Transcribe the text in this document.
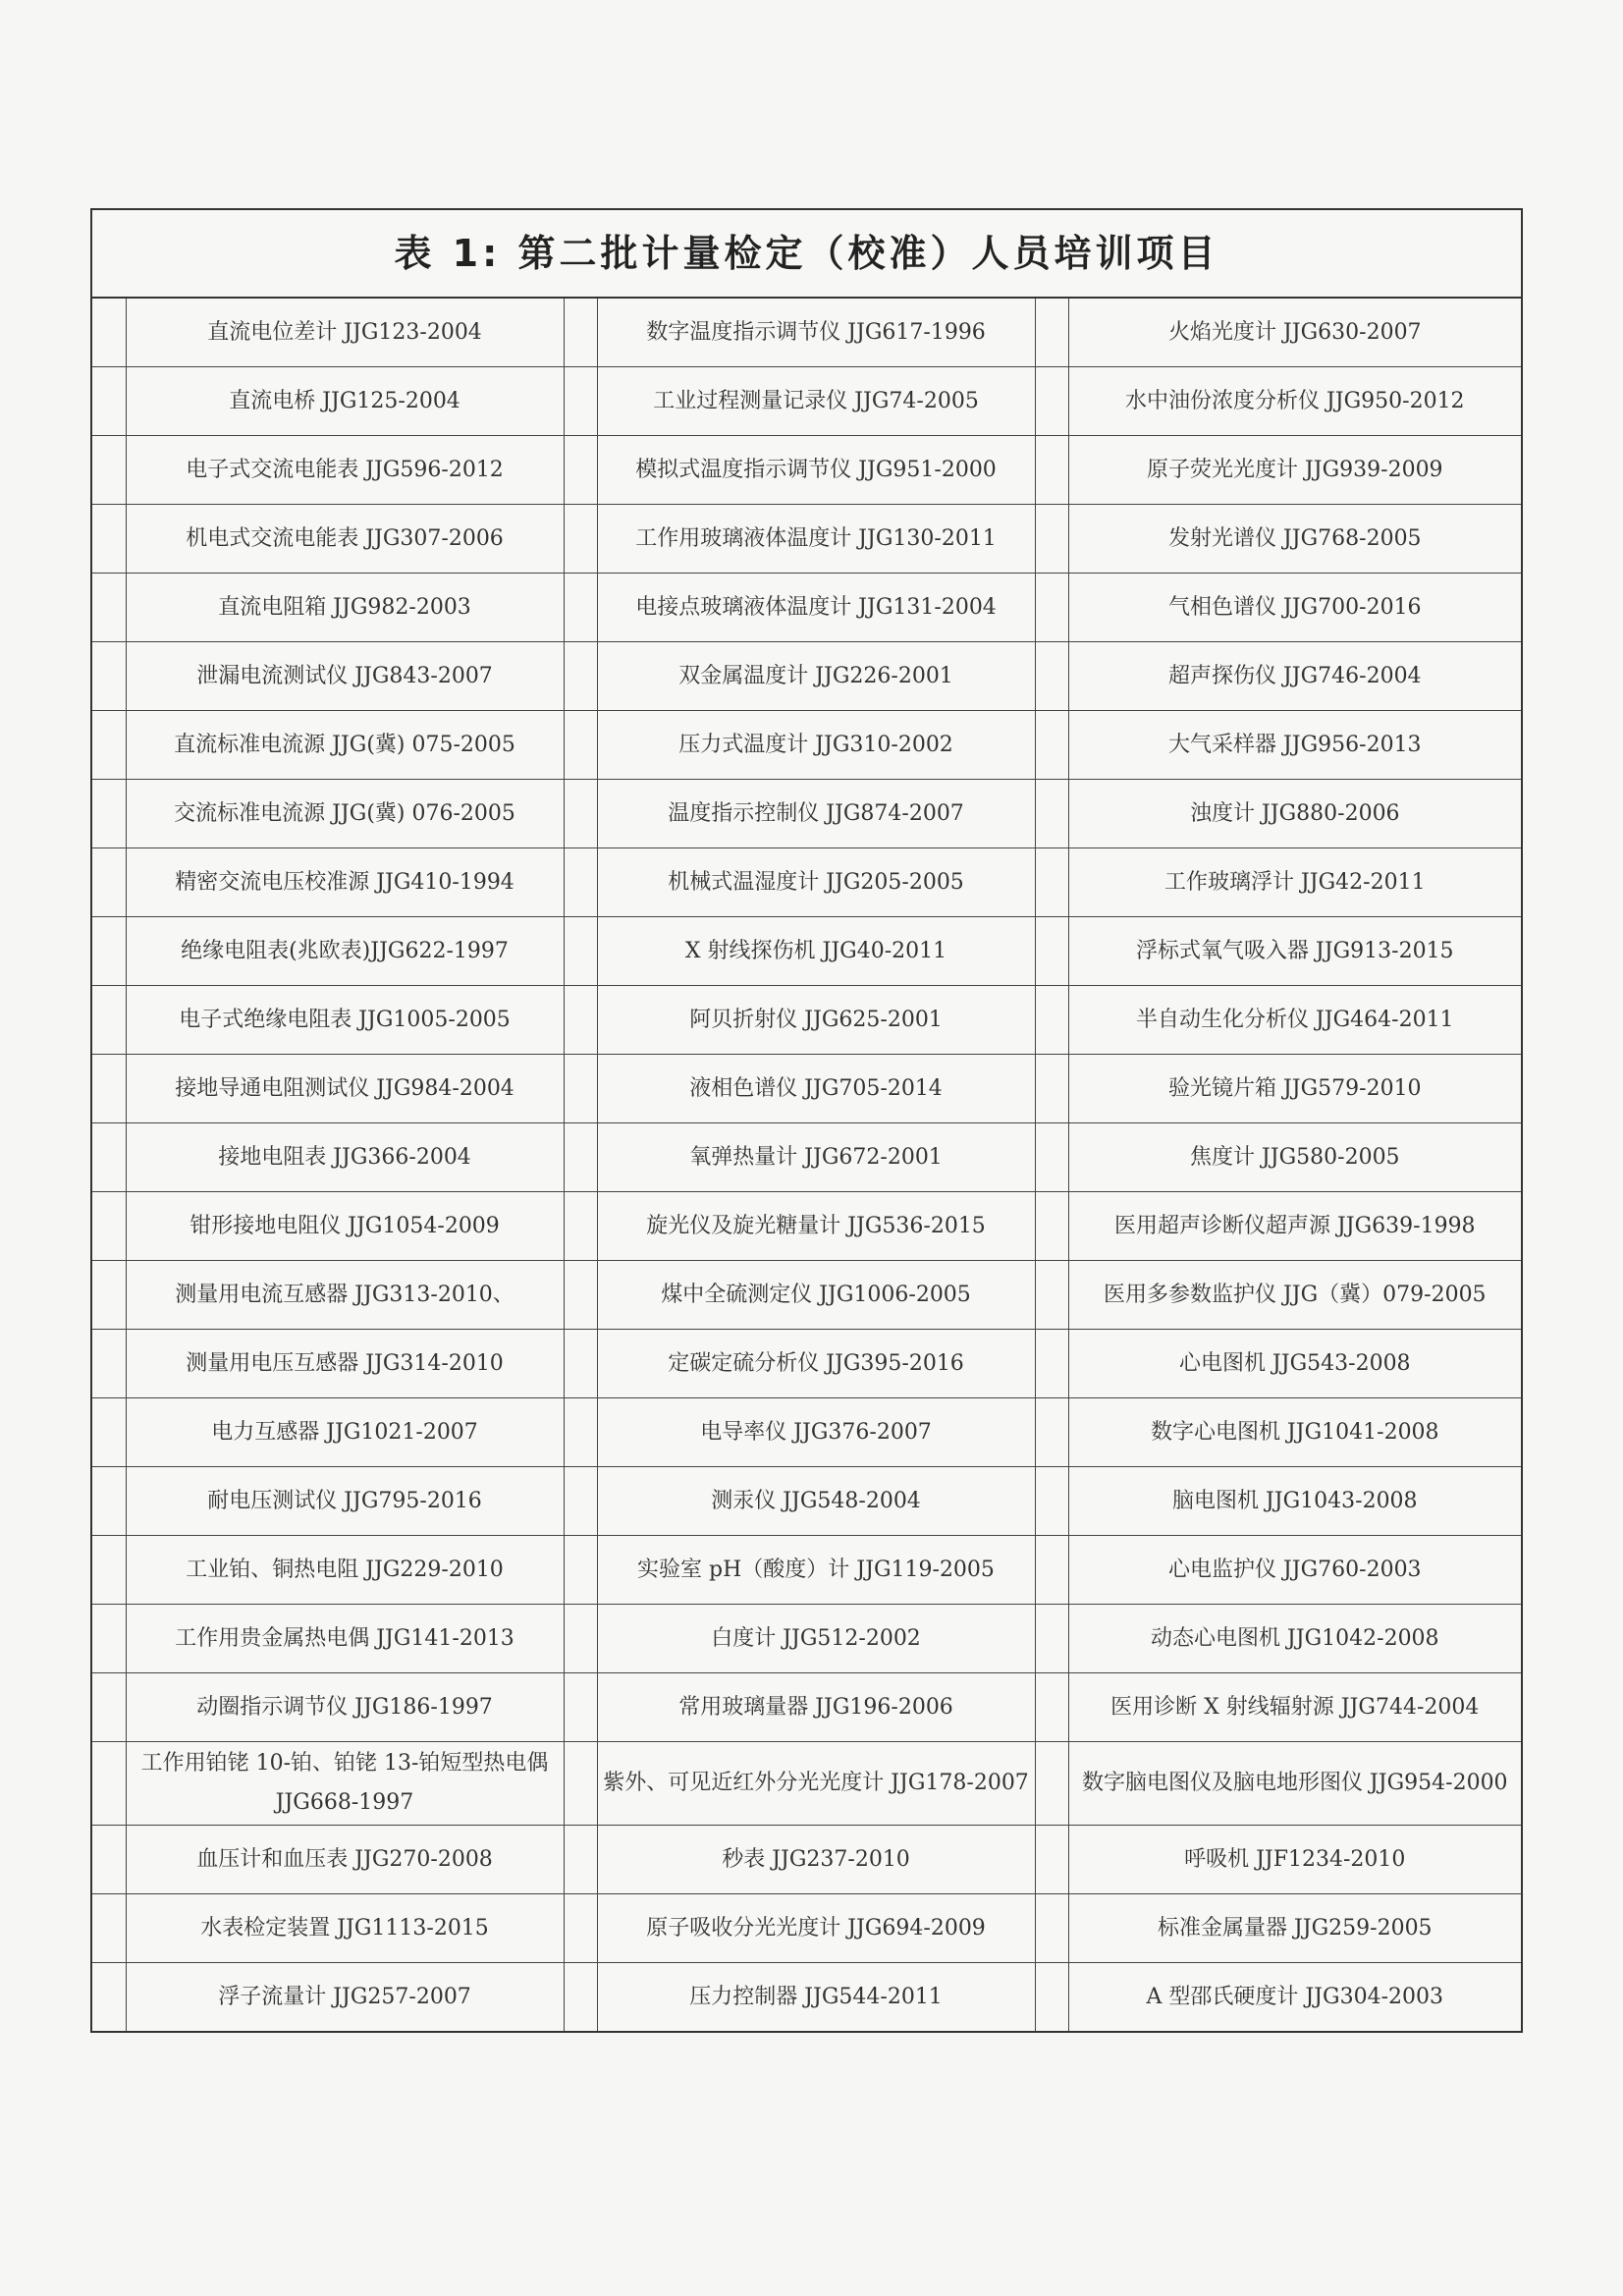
表 1: 第二批计量检定（校准）人员培训项目
	直流电位差计 JJG123-2004		数字温度指示调节仪 JJG617-1996		火焰光度计 JJG630-2007
	直流电桥 JJG125-2004		工业过程测量记录仪 JJG74-2005		水中油份浓度分析仪 JJG950-2012
	电子式交流电能表 JJG596-2012		模拟式温度指示调节仪 JJG951-2000		原子荧光光度计 JJG939-2009
	机电式交流电能表 JJG307-2006		工作用玻璃液体温度计 JJG130-2011		发射光谱仪 JJG768-2005
	直流电阻箱 JJG982-2003		电接点玻璃液体温度计 JJG131-2004		气相色谱仪 JJG700-2016
	泄漏电流测试仪 JJG843-2007		双金属温度计 JJG226-2001		超声探伤仪 JJG746-2004
	直流标准电流源 JJG(冀) 075-2005		压力式温度计 JJG310-2002		大气采样器 JJG956-2013
	交流标准电流源 JJG(冀) 076-2005		温度指示控制仪 JJG874-2007		浊度计 JJG880-2006
	精密交流电压校准源 JJG410-1994		机械式温湿度计 JJG205-2005		工作玻璃浮计 JJG42-2011
	绝缘电阻表(兆欧表)JJG622-1997		X 射线探伤机 JJG40-2011		浮标式氧气吸入器 JJG913-2015
	电子式绝缘电阻表 JJG1005-2005		阿贝折射仪 JJG625-2001		半自动生化分析仪 JJG464-2011
	接地导通电阻测试仪 JJG984-2004		液相色谱仪 JJG705-2014		验光镜片箱 JJG579-2010
	接地电阻表 JJG366-2004		氧弹热量计 JJG672-2001		焦度计 JJG580-2005
	钳形接地电阻仪 JJG1054-2009		旋光仪及旋光糖量计 JJG536-2015		医用超声诊断仪超声源 JJG639-1998
	测量用电流互感器 JJG313-2010、		煤中全硫测定仪 JJG1006-2005		医用多参数监护仪 JJG（冀）079-2005
	测量用电压互感器 JJG314-2010		定碳定硫分析仪 JJG395-2016		心电图机 JJG543-2008
	电力互感器 JJG1021-2007		电导率仪 JJG376-2007		数字心电图机 JJG1041-2008
	耐电压测试仪 JJG795-2016		测汞仪 JJG548-2004		脑电图机 JJG1043-2008
	工业铂、铜热电阻 JJG229-2010		实验室 pH（酸度）计 JJG119-2005		心电监护仪 JJG760-2003
	工作用贵金属热电偶 JJG141-2013		白度计 JJG512-2002		动态心电图机 JJG1042-2008
	动圈指示调节仪 JJG186-1997		常用玻璃量器 JJG196-2006		医用诊断 X 射线辐射源 JJG744-2004
	工作用铂铑 10-铂、铂铑 13-铂短型热电偶 JJG668-1997		紫外、可见近红外分光光度计 JJG178-2007		数字脑电图仪及脑电地形图仪 JJG954-2000
	血压计和血压表 JJG270-2008		秒表 JJG237-2010		呼吸机 JJF1234-2010
	水表检定装置 JJG1113-2015		原子吸收分光光度计 JJG694-2009		标准金属量器 JJG259-2005
	浮子流量计 JJG257-2007		压力控制器 JJG544-2011		A 型邵氏硬度计 JJG304-2003
